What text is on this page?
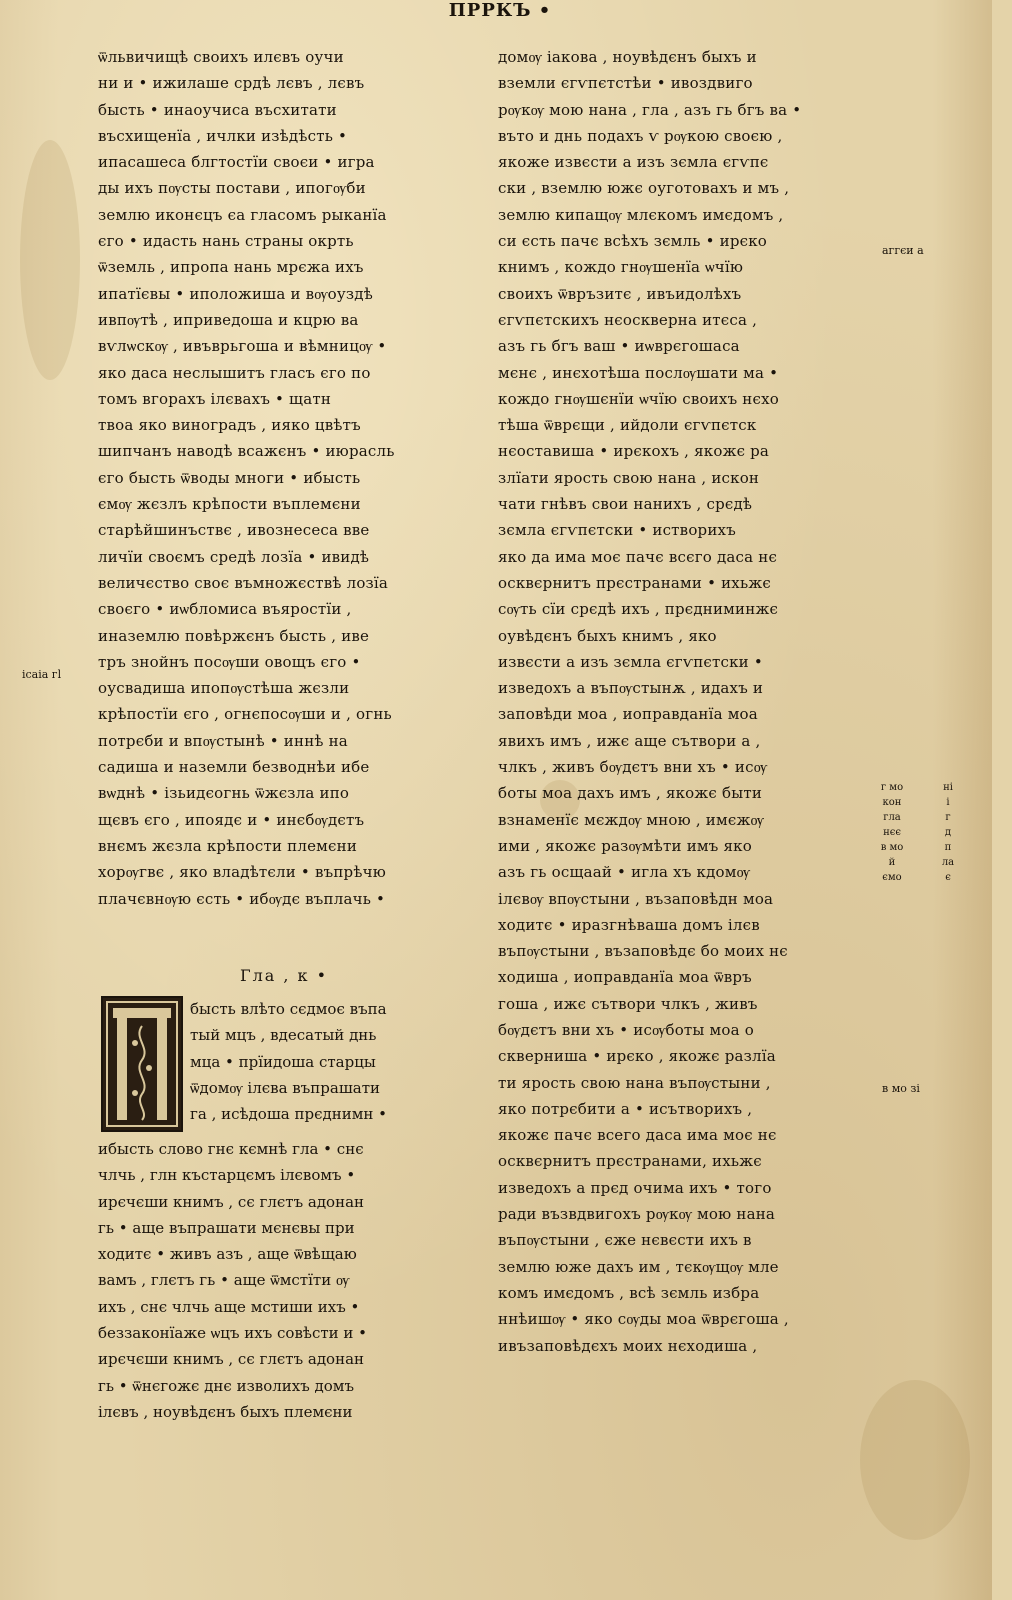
ПРРКЪ •
ѿльвичищѣ своихъ илєвъ оучи
ни и • ижилаше срдѣ лєвъ , лєвъ
бысть • инаоучиса въсхитати
въсхищенїа , ичлки изѣдѣсть •
ипасашеса блгтостїи своєи • игра
ды ихъ пѹсты постави , ипогѹби
землю иконєцъ єа гласомъ рыканїа
єго • идасть нань страны окрть
ѿземль , ипропа нань мрєжа ихъ
ипатїєвы • иположиша и вѹоуздѣ
ивпѹтѣ , иприведоша и кцрю ва
вѵлѡскѹ , ивъврьгоша и вѣмницѹ •
яко даса неслышитъ гласъ єго по
томъ вгорахъ ілєвахъ • щатн
твоа яко виноградъ , ияко цвѣтъ
шипчанъ наводѣ всажєнъ • июрасль
єго бысть ѿводы мнoги • ибысть
ємѹ жєзлъ крѣпости въплемєни
старѣйшинъствє , ивознесеса вве
личїи своємъ средѣ лозїа • ивидѣ
величєство своє въмножєствѣ лозїа
своєго • иѡбломиса въяростїи ,
иназемлю повѣржєнъ бысть , иве
тръ знойнъ посѹши овощъ єго •
оусвадиша ипопѹстѣша жєзли
крѣпостїи єго , огнєпосѹши и , огнь
потрєби и впѹстынѣ • иннѣ на
садиша и наземли безводнѣи ибе
вѡднѣ • ізьидєогнь ѿжєзла ипо
щєвъ єго , ипоядє и • инєбѹдєтъ
внємъ жєзла крѣпости племєни
хорѹгвє , яко владѣтєли • въпрѣчю
плачєвнѹю єсть • ибѹдє въплачь •
Гла , к •
бысть влѣто сєдмоє въпа
тый мцъ , вдесатый днь
мца • прїидоша старцы
ѿдомѹ ілєва въпрашати
га , исѣдоша прєднимн •
ибысть слово гнє кємнѣ гла • снє
члчь , глн къстарцємъ ілєвомъ •
ирєчєши книмъ , сє глєтъ адонан
гь • аще въпрашати мєнєвы при
ходитє • живъ азъ , аще ѿвѣщаю
вамъ , глєтъ гь • аще ѿмстїти ѹ
ихъ , снє члчь аще мстиши ихъ •
беззаконїаже ѡцъ ихъ совѣсти и •
ирєчєши книмъ , сє глєтъ адонан
гь • ѿнєгожє днє изволихъ домъ
ілєвъ , ноувѣдєнъ быхъ племєни
домѹ іакова , ноувѣдєнъ быхъ и
вземли єгѵпєтстѣи • ивоздвигo
рѹкѹ мою нана , гла , азъ гь бгъ ва •
въто и днь подахъ ѵ рѹкою своєю ,
якоже извєсти а изъ зємла єгѵпє
ски , вземлю южє оуготовахъ и мъ ,
землю кипащѹ млєкомъ имєдомъ ,
си єсть пачє всѣхъ зємль • ирєко
книмъ , кождо гнѹшенїа ѡчїю
своихъ ѿвръзитє , ивъидолѣхъ
єгѵпєтскихъ нєоскверна итєса ,
азъ гь бгъ ваш • иѡврєгошаса
мєнє , инєхотѣша послѹшати мa •
кождо гнѹшєнїи ѡчїю своихъ нєхо
тѣша ѿврєщи , ийдоли єгѵпєтск
нєоставиша • ирєкохъ , якожє ра
злїати ярость свою нана , искон
чати гнѣвъ свои нанихъ , срєдѣ
зємла єгѵпєтски • иствoрихъ
яко да има моє пачє всєго дасa нє
осквєрнитъ прєстранами • ихьжє
сѹть сїи срєдѣ ихъ , прєдниминжє
оувѣдєнъ быхъ книмъ , яко
извєсти а изъ зємла єгѵпєтски •
изведохъ а въпѹстынѫ , идахъ и
заповѣди моа , иоправданїа моа
явихъ имъ , ижє аще сътвори а ,
члкъ , живъ бѹдєтъ вни хъ • исѹ
боты моа дахъ имъ , якожє быти
взнаменїє мєждѹ мною , имєжѹ
ими , якожє разѹмѣти имъ яко
азъ гь осщаай • игла хъ кдомѹ
ілєвѹ впѹстыни , възаповѣдн моа
ходитє • иразгнѣвашa домъ ілєв
въпѹстыни , възаповѣдє бо моих нє
ходиша , иоправданїа моа ѿвръ
гоша , ижє сътвори члкъ , живъ
бѹдєтъ вни хъ • исѹботы моа о
скверниша • ирєкo , якожє разлїа
ти ярость свою нана въпѹстыни ,
яко потрєбити а • исътворихъ ,
якожє пачє всего дасa има моє нє
осквєрнитъ прєстранами, ихьжє
изведохъ а прєд очима ихъ • того
ради възвдвигохъ рѹкѹ мою нана
въпѹстыни , єже нєвєсти ихъ в
землю юже дахъ им , тєкѹщѹ мле
комъ имєдомъ , всѣ зємль избра
ннѣишѹ • яко сѹды моа ѿврєгоша ,
ивъзаповѣдєхъ моих нєходиша ,
ісаiа гl
аггєи а
в мо зi
г мо	ні
кон	і
гла	г
нєє	д
в мо	п
й	ла
ємо	є
